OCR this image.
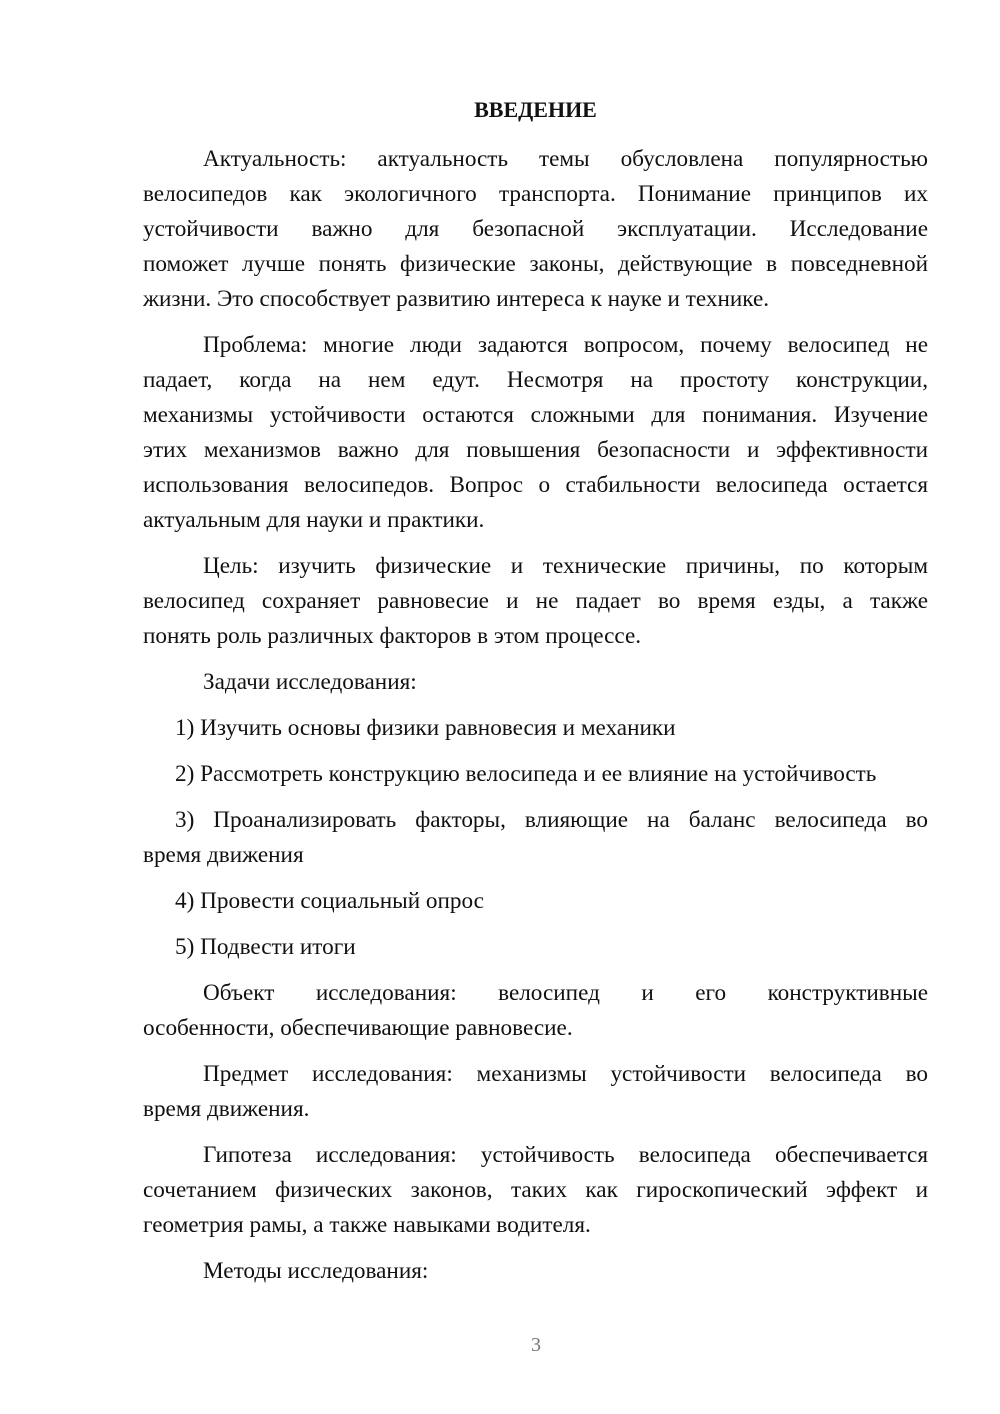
ВВЕДЕНИЕ
Актуальность: актуальность темы обусловлена популярностью
велосипедов как экологичного транспорта. Понимание принципов их
устойчивости важно для безопасной эксплуатации. Исследование
поможет лучше понять физические законы, действующие в повседневной
жизни. Это способствует развитию интереса к науке и технике.
Проблема: многие люди задаются вопросом, почему велосипед не
падает, когда на нем едут. Несмотря на простоту конструкции,
механизмы устойчивости остаются сложными для понимания. Изучение
этих механизмов важно для повышения безопасности и эффективности
использования велосипедов. Вопрос о стабильности велосипеда остается
актуальным для науки и практики.
Цель: изучить физические и технические причины, по которым
велосипед сохраняет равновесие и не падает во время езды, а также
понять роль различных факторов в этом процессе.
Задачи исследования:
1) Изучить основы физики равновесия и механики
2) Рассмотреть конструкцию велосипеда и ее влияние на устойчивость
3) Проанализировать факторы, влияющие на баланс велосипеда во
время движения
4) Провести социальный опрос
5) Подвести итоги
Объект исследования: велосипед и его конструктивные
особенности, обеспечивающие равновесие.
Предмет исследования: механизмы устойчивости велосипеда во
время движения.
Гипотеза исследования: устойчивость велосипеда обеспечивается
сочетанием физических законов, таких как гироскопический эффект и
геометрия рамы, а также навыками водителя.
Методы исследования:
3
